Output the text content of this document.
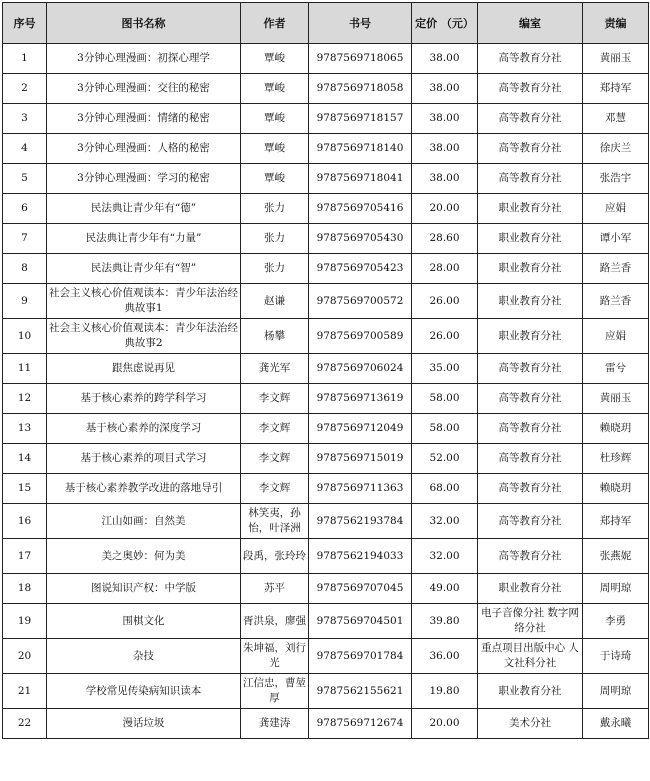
序号	图书名称	作者	书号	定价 （元）	编室	责编
1	3分钟心理漫画：初探心理学	覃峻	9787569718065	38.00	高等教育分社	黄丽玉
2	3分钟心理漫画：交往的秘密	覃峻	9787569718058	38.00	高等教育分社	郑持军
3	3分钟心理漫画：情绪的秘密	覃峻	9787569718157	38.00	高等教育分社	邓慧
4	3分钟心理漫画：人格的秘密	覃峻	9787569718140	38.00	高等教育分社	徐庆兰
5	3分钟心理漫画：学习的秘密	覃峻	9787569718041	38.00	高等教育分社	张浩宇
6	民法典让青少年有“德”	张力	9787569705416	20.00	职业教育分社	应娟
7	民法典让青少年有“力量”	张力	9787569705430	28.60	职业教育分社	谭小军
8	民法典让青少年有“智”	张力	9787569705423	28.00	职业教育分社	路兰香
9	社会主义核心价值观读本：青少年法治经典故事1	赵谦	9787569700572	26.00	职业教育分社	路兰香
10	社会主义核心价值观读本：青少年法治经典故事2	杨攀	9787569700589	26.00	职业教育分社	应娟
11	跟焦虑说再见	龚光军	9787569706024	35.00	高等教育分社	雷兮
12	基于核心素养的跨学科学习	李文辉	9787569713619	58.00	高等教育分社	黄丽玉
13	基于核心素养的深度学习	李文辉	9787569712049	58.00	高等教育分社	赖晓玥
14	基于核心素养的项目式学习	李文辉	9787569715019	52.00	高等教育分社	杜珍辉
15	基于核心素养教学改进的落地导引	李文辉	9787569711363	68.00	高等教育分社	赖晓玥
16	江山如画：自然美	林笑夷，孙怡，叶泽洲	9787562193784	32.00	高等教育分社	郑持军
17	美之奥妙：何为美	段禹，张玲玲	9787562194033	32.00	高等教育分社	张燕妮
18	图说知识产权：中学版	苏平	9787569707045	49.00	职业教育分社	周明琼
19	围棋文化	胥洪泉，廖强	9787569704501	39.80	电子音像分社 数字网络分社	李勇
20	杂技	朱坤福，刘行光	9787569701784	36.00	重点项目出版中心 人文社科分社	于诗琦
21	学校常见传染病知识读本	江信忠，曹堃厚	9787562155621	19.80	职业教育分社	周明琼
22	漫话垃圾	龚建涛	9787569712674	20.00	美术分社	戴永曦
